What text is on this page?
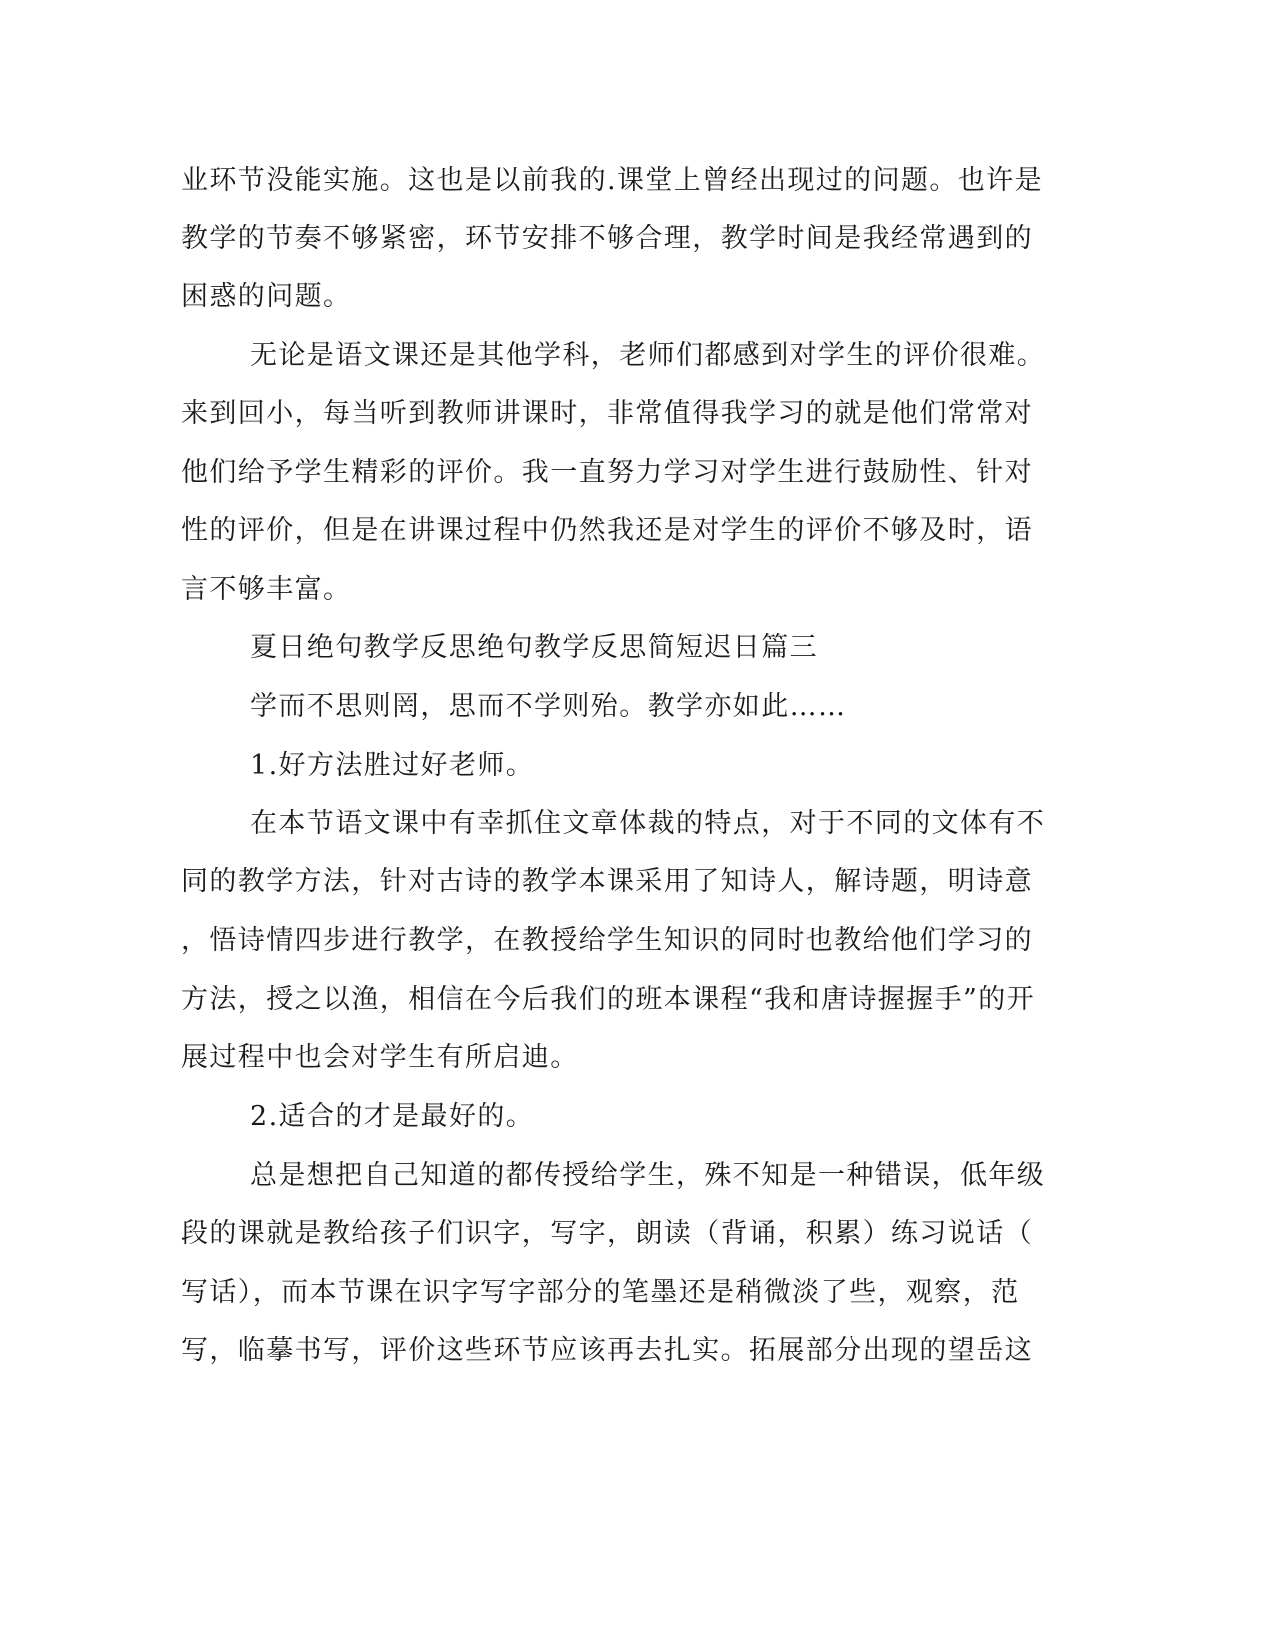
业环节没能实施。这也是以前我的.课堂上曾经出现过的问题。也许是
教学的节奏不够紧密，环节安排不够合理，教学时间是我经常遇到的
困惑的问题。
无论是语文课还是其他学科，老师们都感到对学生的评价很难。
来到回小，每当听到教师讲课时，非常值得我学习的就是他们常常对
他们给予学生精彩的评价。我一直努力学习对学生进行鼓励性、针对
性的评价，但是在讲课过程中仍然我还是对学生的评价不够及时，语
言不够丰富。
夏日绝句教学反思绝句教学反思简短迟日篇三
学而不思则罔，思而不学则殆。教学亦如此……
1.好方法胜过好老师。
在本节语文课中有幸抓住文章体裁的特点，对于不同的文体有不
同的教学方法，针对古诗的教学本课采用了知诗人，解诗题，明诗意
，悟诗情四步进行教学，在教授给学生知识的同时也教给他们学习的
方法，授之以渔，相信在今后我们的班本课程“我和唐诗握握手”的开
展过程中也会对学生有所启迪。
2.适合的才是最好的。
总是想把自己知道的都传授给学生，殊不知是一种错误，低年级
段的课就是教给孩子们识字，写字，朗读（背诵，积累）练习说话（
写话），而本节课在识字写字部分的笔墨还是稍微淡了些，观察，范
写，临摹书写，评价这些环节应该再去扎实。拓展部分出现的望岳这
